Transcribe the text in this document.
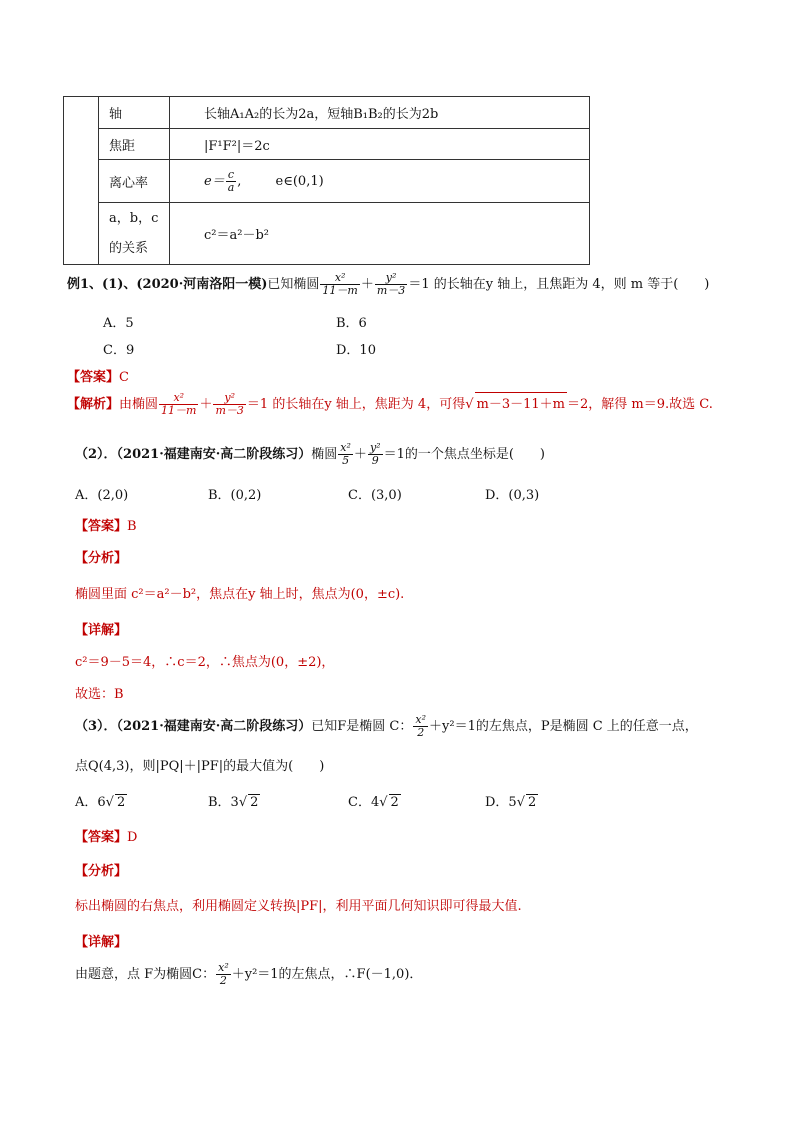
	轴	长轴A₁A₂的长为2a，短轴B₁B₂的长为2b
	焦距	|F¹F²|＝2c
	离心率	$e= \frac{c}{a}$ , e∈(0,1)

	a，b，c
的关系	c²＝a²－b²
例1、(1)、(2020·河南洛阳一模)已知椭圆 $\frac{\text{x²}}{11-m} + \frac{\text{y²}}{m-3} =1$ 的长轴在y 轴上，且焦距为 4，则 m 等于(　　)
A．5	B．6
C．9	D．10
【答案】C
【解析】由椭圆 $\frac{\text{x²}}{11-m} + \frac{\text{y²}}{m-3} =1$ 的长轴在y 轴上，焦距为 4，可得√ m－3－11＋m ＝2，解得 m＝9.故选 C.
（2）．（2021·福建南安·高二阶段练习）椭圆 $\frac{\text{x²}}{5} + \frac{\text{y²}}{9} =1$的一个焦点坐标是(　　)
A．(2,0)	B．(0,2)	C．(3,0)	D．(0,3)
【答案】B
【分析】
椭圆里面 c²＝a²－b²，焦点在y 轴上时，焦点为(0，±c).
【详解】
c²＝9－5＝4，∴c＝2，∴焦点为(0，±2)，
故选：B
（3）．（2021·福建南安·高二阶段练习）已知F是椭圆 C： $\frac{\text{x²}}{2} +y^2=1$的左焦点，P是椭圆 C 上的任意一点，
点Q(4,3)，则|PQ|＋|PF|的最大值为(　　)
A．6√ 2	B．3√ 2	C．4√ 2	D．5√ 2
【答案】D
【分析】
标出椭圆的右焦点，利用椭圆定义转换|PF|，利用平面几何知识即可得最大值.
【详解】
由题意，点 F为椭圆C： $\frac{\text{x²}}{2} +y^2=1$的左焦点，∴F(－1,0)．
